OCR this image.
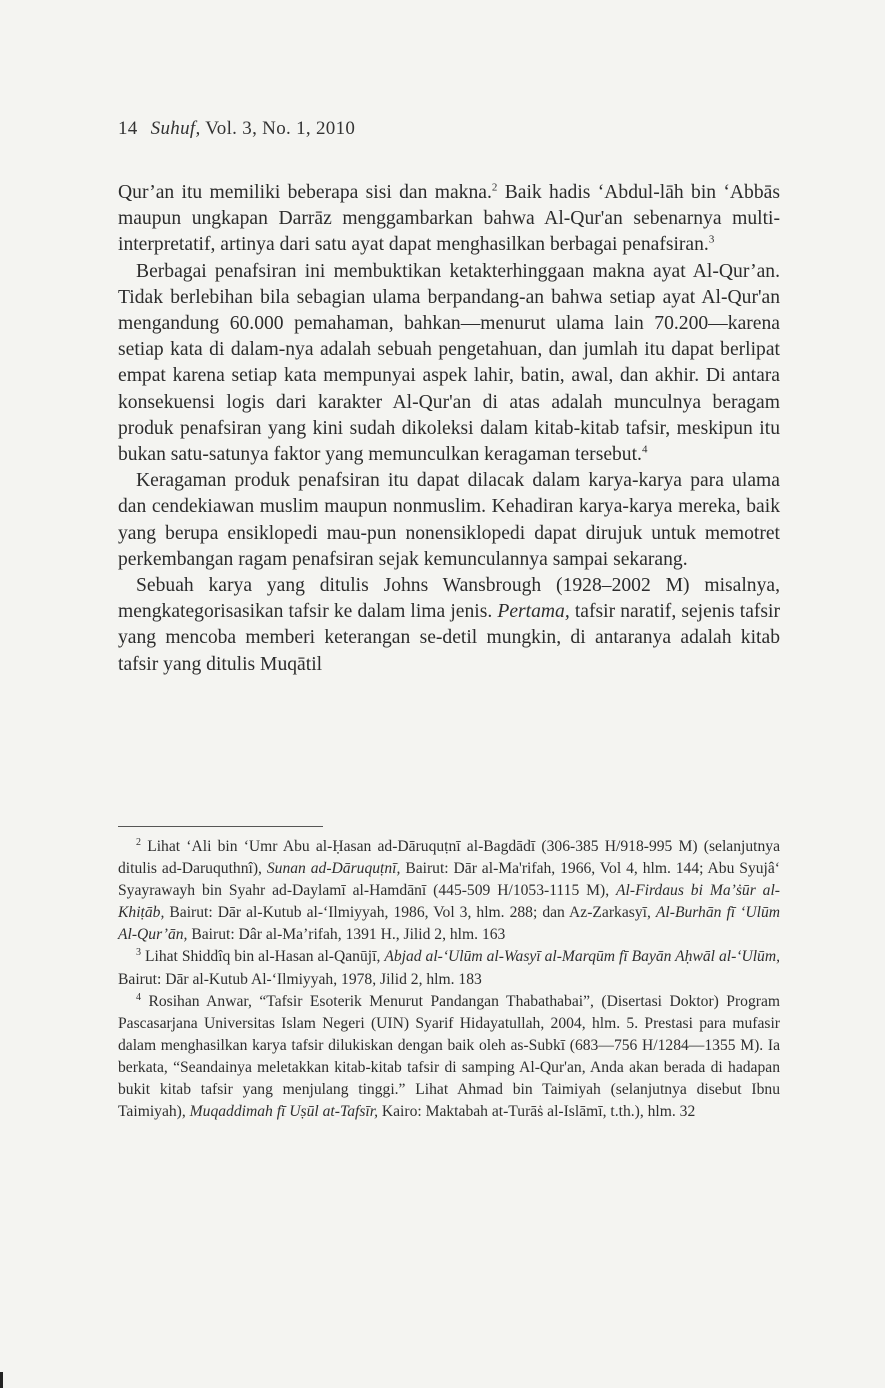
14 Suhuf, Vol. 3, No. 1, 2010

Qur’an itu memiliki beberapa sisi dan makna.$^2$ Baik hadis ‘Abdul-lāh bin ‘Abbās maupun ungkapan Darrāz menggambarkan bahwa Al-Qur'an sebenarnya multi-interpretatif, artinya dari satu ayat dapat menghasilkan berbagai penafsiran.$^3$

Berbagai penafsiran ini membuktikan ketakterhinggaan makna ayat Al-Qur’an. Tidak berlebihan bila sebagian ulama berpandang-an bahwa setiap ayat Al-Qur'an mengandung 60.000 pemahaman, bahkan—menurut ulama lain 70.200—karena setiap kata di dalam-nya adalah sebuah pengetahuan, dan jumlah itu dapat berlipat empat karena setiap kata mempunyai aspek lahir, batin, awal, dan akhir. Di antara konsekuensi logis dari karakter Al-Qur'an di atas adalah munculnya beragam produk penafsiran yang kini sudah dikoleksi dalam kitab-kitab tafsir, meskipun itu bukan satu-satunya faktor yang memunculkan keragaman tersebut.$^4$

Keragaman produk penafsiran itu dapat dilacak dalam karya-karya para ulama dan cendekiawan muslim maupun nonmuslim. Kehadiran karya-karya mereka, baik yang berupa ensiklopedi mau-pun nonensiklopedi dapat dirujuk untuk memotret perkembangan ragam penafsiran sejak kemunculannya sampai sekarang.

Sebuah karya yang ditulis Johns Wansbrough (1928–2002 M) misalnya, mengkategorisasikan tafsir ke dalam lima jenis. Pertama, tafsir naratif, sejenis tafsir yang mencoba memberi keterangan se-detil mungkin, di antaranya adalah kitab tafsir yang ditulis Muqātil

$^2$ Lihat ‘Ali bin ‘Umr Abu al-Ḥasan ad-Dāruquṭnī al-Bagdādī (306-385 H/918-995 M) (selanjutnya ditulis ad-Daruquthnî), Sunan ad-Dāruquṭnī, Bairut: Dār al-Ma'rifah, 1966, Vol 4, hlm. 144; Abu Syujâ‘ Syayrawayh bin Syahr ad-Daylamī al-Hamdānī (445-509 H/1053-1115 M), Al-Firdaus bi Ma’ṡūr al-Khiṭāb, Bairut: Dār al-Kutub al-‘Ilmiyyah, 1986, Vol 3, hlm. 288; dan Az-Zarkasyī, Al-Burhān fī ‘Ulūm Al-Qur’ān, Bairut: Dâr al-Ma’rifah, 1391 H., Jilid 2, hlm. 163

$^3$ Lihat Shiddîq bin al-Hasan al-Qanūjī, Abjad al-‘Ulūm al-Wasyī al-Marqūm fī Bayān Aḥwāl al-‘Ulūm, Bairut: Dār al-Kutub Al-‘Ilmiyyah, 1978, Jilid 2, hlm. 183

$^4$ Rosihan Anwar, “Tafsir Esoterik Menurut Pandangan Thabathabai”, (Disertasi Doktor) Program Pascasarjana Universitas Islam Negeri (UIN) Syarif Hidayatullah, 2004, hlm. 5. Prestasi para mufasir dalam menghasilkan karya tafsir dilukiskan dengan baik oleh as-Subkī (683—756 H/1284—1355 M). Ia berkata, “Seandainya meletakkan kitab-kitab tafsir di samping Al-Qur'an, Anda akan berada di hadapan bukit kitab tafsir yang menjulang tinggi.” Lihat Ahmad bin Taimiyah (selanjutnya disebut Ibnu Taimiyah), Muqaddimah fī Uṣūl at-Tafsīr, Kairo: Maktabah at-Turāṡ al-Islāmī, t.th.), hlm. 32
